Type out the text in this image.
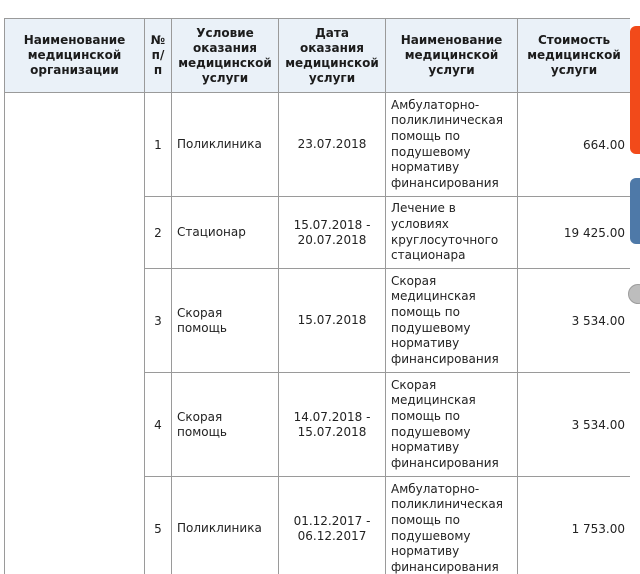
Наименование медицинской организации	№ п/п	Условие оказания медицинской услуги	Дата оказания медицинской услуги	Наименование медицинской услуги	Стоимость медицинской услуги
	1	Поликлиника	23.07.2018	Амбулаторно-поликлиническая помощь по подушевому нормативу финансирования	664.00
	2	Стационар	15.07.2018 - 20.07.2018	Лечение в условиях круглосуточного стационара	19 425.00
	3	Скорая помощь	15.07.2018	Скорая медицинская помощь по подушевому нормативу финансирования	3 534.00
	4	Скорая помощь	14.07.2018 - 15.07.2018	Скорая медицинская помощь по подушевому нормативу финансирования	3 534.00
	5	Поликлиника	01.12.2017 - 06.12.2017	Амбулаторно-поликлиническая помощь по подушевому нормативу финансирования	1 753.00
